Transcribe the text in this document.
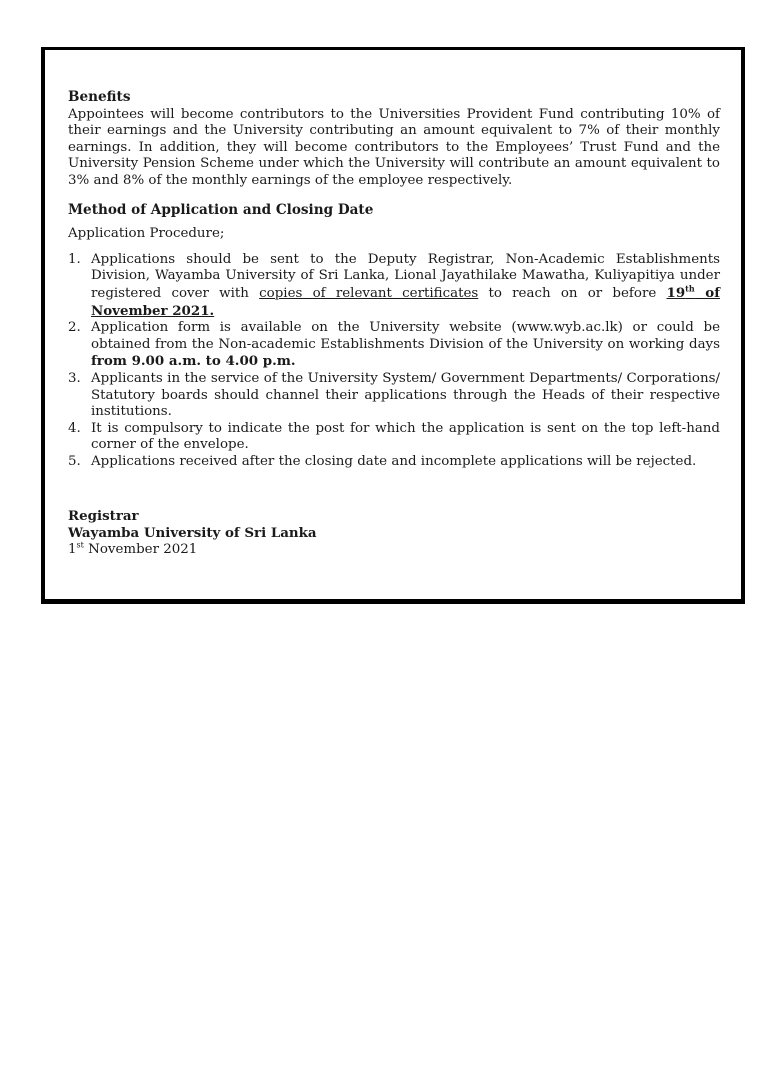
Benefits

Appointees will become contributors to the Universities Provident Fund contributing 10% of their earnings and the University contributing an amount equivalent to 7% of their monthly earnings. In addition, they will become contributors to the Employees’ Trust Fund and the University Pension Scheme under which the University will contribute an amount equivalent to 3% and 8% of the monthly earnings of the employee respectively.

Method of Application and Closing Date

Application Procedure;

1. Applications should be sent to the Deputy Registrar, Non-Academic Establishments Division, Wayamba University of Sri Lanka, Lional Jayathilake Mawatha, Kuliyapitiya under registered cover with copies of relevant certificates to reach on or before 19th of November 2021.
2. Application form is available on the University website (www.wyb.ac.lk) or could be obtained from the Non-academic Establishments Division of the University on working days from 9.00 a.m. to 4.00 p.m.
3. Applicants in the service of the University System/ Government Departments/ Corporations/ Statutory boards should channel their applications through the Heads of their respective institutions.
4. It is compulsory to indicate the post for which the application is sent on the top left-hand corner of the envelope.
5. Applications received after the closing date and incomplete applications will be rejected.
Registrar
Wayamba University of Sri Lanka
1st November 2021
